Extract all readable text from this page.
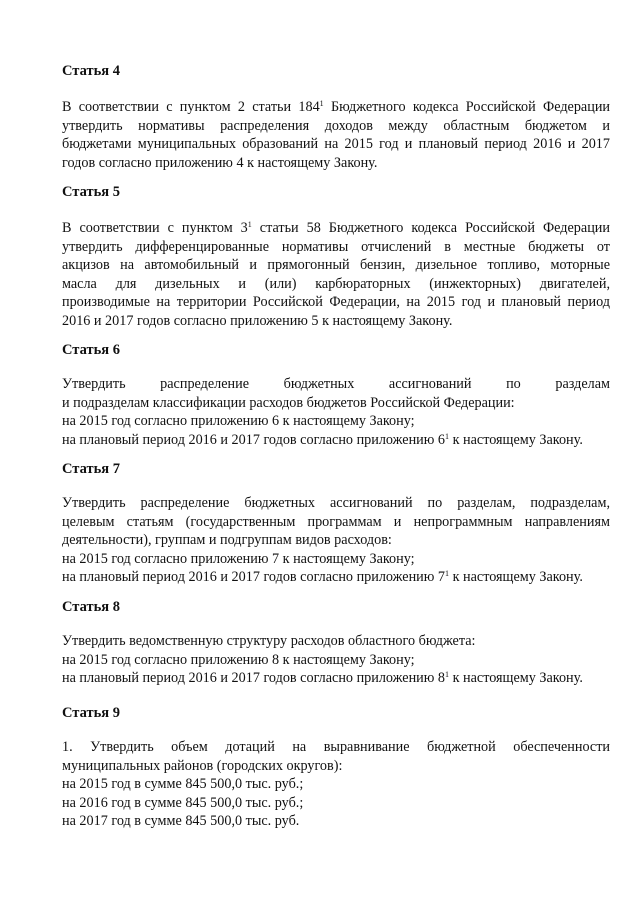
Статья 4
В соответствии с пунктом 2 статьи $184^1$ Бюджетного кодекса Российской Федерации
утвердить нормативы распределения доходов между областным бюджетом и
бюджетами муниципальных образований на 2015 год и плановый период 2016 и 2017
годов согласно приложению 4 к настоящему Закону.
Статья 5
В соответствии с пунктом $3^1$ статьи 58 Бюджетного кодекса Российской Федерации
утвердить дифференцированные нормативы отчислений в местные бюджеты от
акцизов на автомобильный и прямогонный бензин, дизельное топливо, моторные
масла для дизельных и (или) карбюраторных (инжекторных) двигателей,
производимые на территории Российской Федерации, на 2015 год и плановый период
2016 и 2017 годов согласно приложению 5 к настоящему Закону.
Статья 6
Утвердить распределение бюджетных ассигнований по разделам
и подразделам классификации расходов бюджетов Российской Федерации:
на 2015 год согласно приложению 6 к настоящему Закону;
на плановый период 2016 и 2017 годов согласно приложению $6^1$ к настоящему Закону.
Статья 7
Утвердить распределение бюджетных ассигнований по разделам, подразделам,
целевым статьям (государственным программам и непрограммным направлениям
деятельности), группам и подгруппам видов расходов:
на 2015 год согласно приложению 7 к настоящему Закону;
на плановый период 2016 и 2017 годов согласно приложению $7^1$ к настоящему Закону.
Статья 8
Утвердить ведомственную структуру расходов областного бюджета:
на 2015 год согласно приложению 8 к настоящему Закону;
на плановый период 2016 и 2017 годов согласно приложению $8^1$ к настоящему Закону.
Статья 9
1. Утвердить объем дотаций на выравнивание бюджетной обеспеченности
муниципальных районов (городских округов):
на 2015 год в сумме 845 500,0 тыс. руб.;
на 2016 год в сумме 845 500,0 тыс. руб.;
на 2017 год в сумме 845 500,0 тыс. руб.
